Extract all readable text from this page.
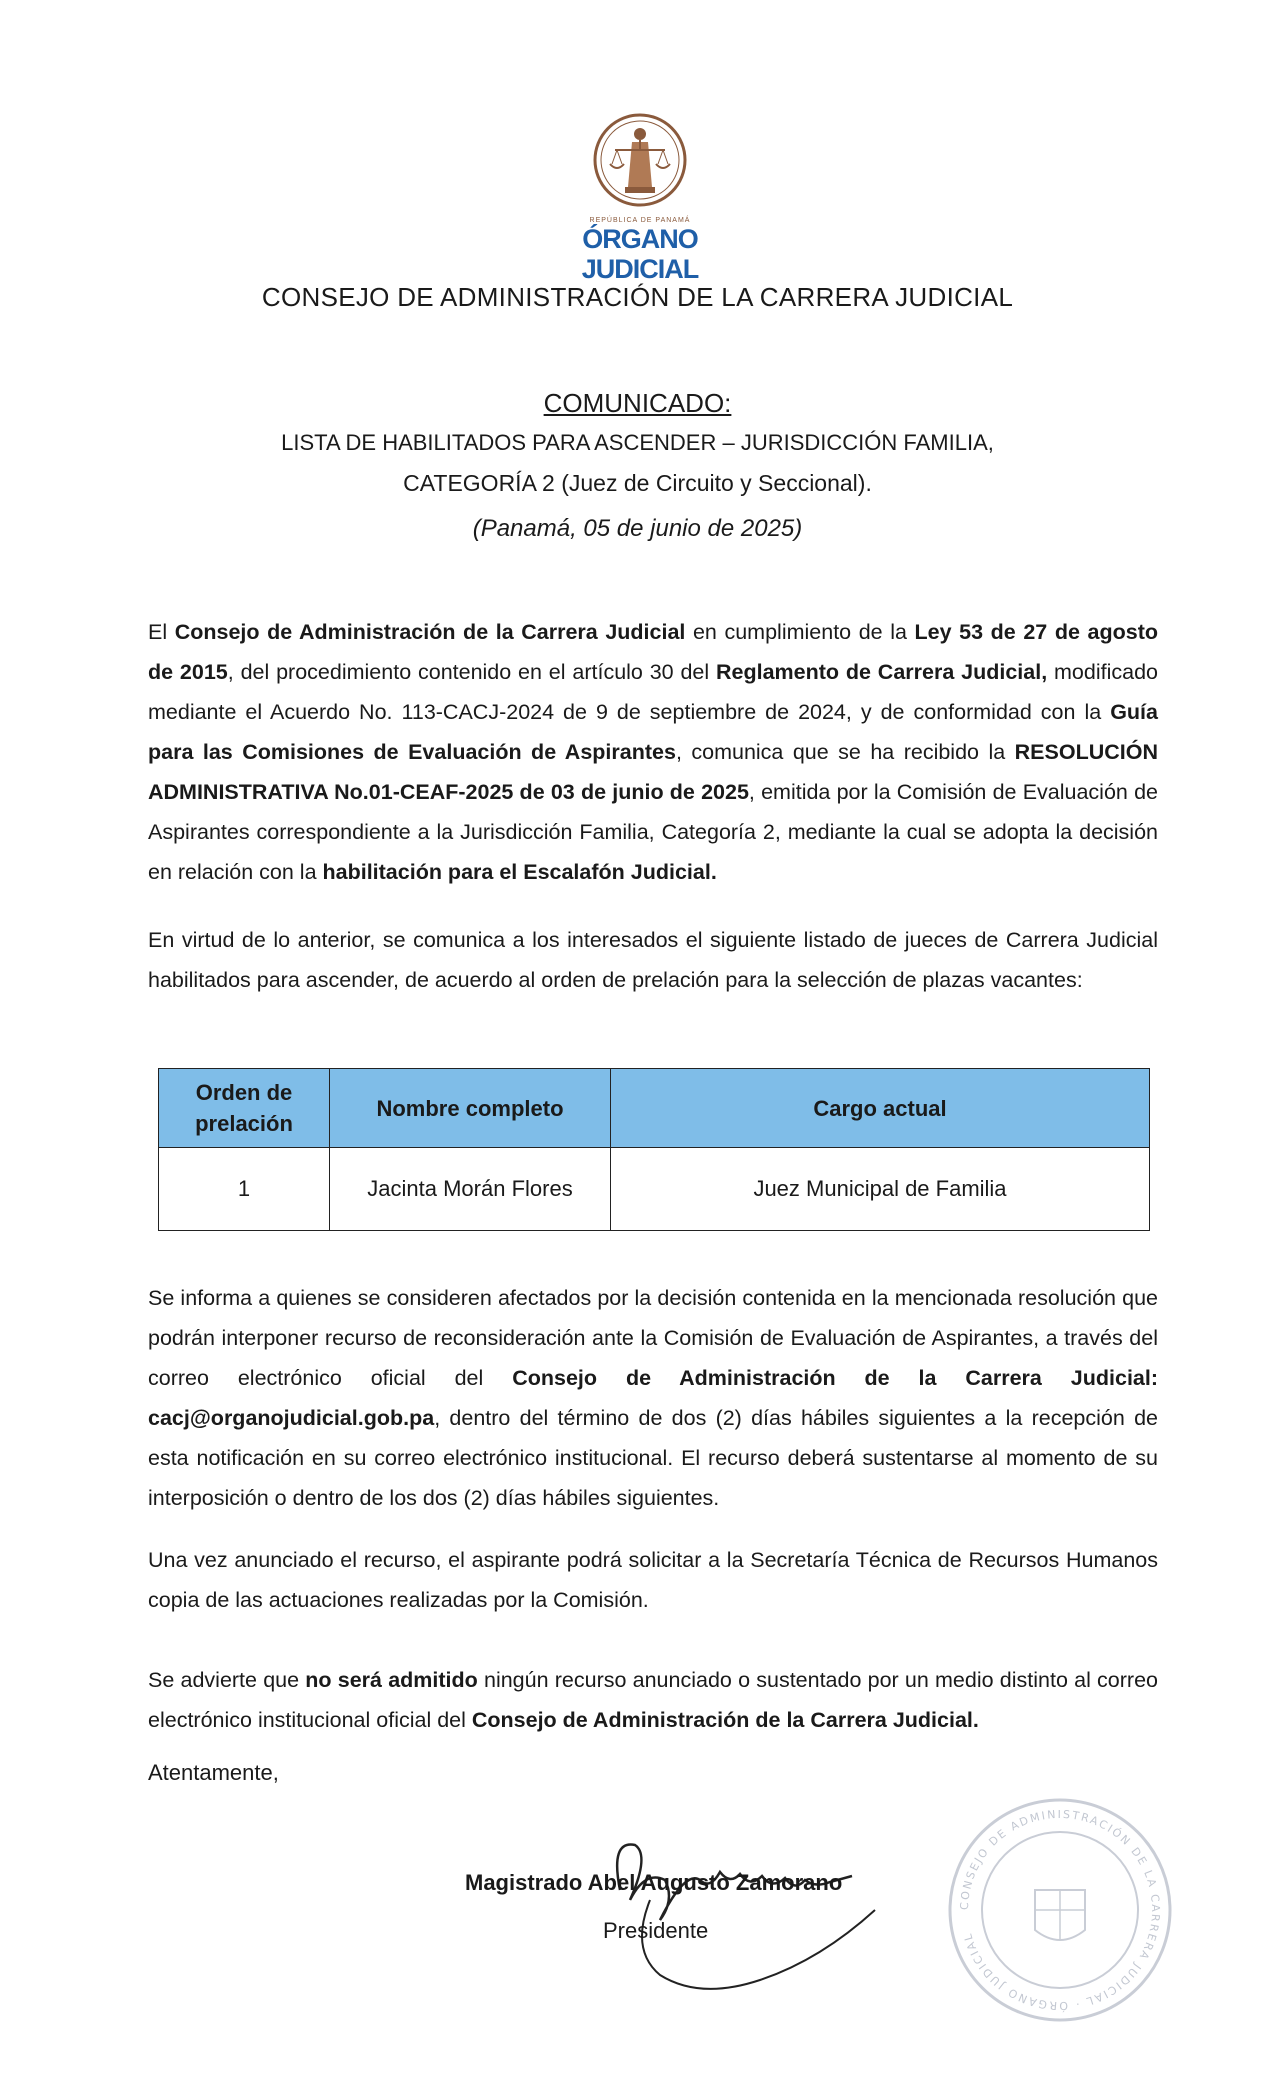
REPÚBLICA DE PANAMÁ
ÓRGANO
JUDICIAL
CONSEJO DE ADMINISTRACIÓN DE LA CARRERA JUDICIAL
COMUNICADO:
LISTA DE HABILITADOS PARA ASCENDER – JURISDICCIÓN FAMILIA,
CATEGORÍA 2 (Juez de Circuito y Seccional).
(Panamá, 05 de junio de 2025)
El Consejo de Administración de la Carrera Judicial en cumplimiento de la Ley 53 de 27 de agosto de 2015, del procedimiento contenido en el artículo 30 del Reglamento de Carrera Judicial, modificado mediante el Acuerdo No. 113-CACJ-2024 de 9 de septiembre de 2024, y de conformidad con la Guía para las Comisiones de Evaluación de Aspirantes, comunica que se ha recibido la RESOLUCIÓN ADMINISTRATIVA No.01-CEAF-2025 de 03 de junio de 2025, emitida por la Comisión de Evaluación de Aspirantes correspondiente a la Jurisdicción Familia, Categoría 2, mediante la cual se adopta la decisión en relación con la habilitación para el Escalafón Judicial.
En virtud de lo anterior, se comunica a los interesados el siguiente listado de jueces de Carrera Judicial habilitados para ascender, de acuerdo al orden de prelación para la selección de plazas vacantes:
Orden de
prelación	Nombre completo	Cargo actual
1	Jacinta Morán Flores	Juez Municipal de Familia
Se informa a quienes se consideren afectados por la decisión contenida en la mencionada resolución que podrán interponer recurso de reconsideración ante la Comisión de Evaluación de Aspirantes, a través del correo electrónico oficial del Consejo de Administración de la Carrera Judicial: cacj@organojudicial.gob.pa, dentro del término de dos (2) días hábiles siguientes a la recepción de esta notificación en su correo electrónico institucional. El recurso deberá sustentarse al momento de su interposición o dentro de los dos (2) días hábiles siguientes.
Una vez anunciado el recurso, el aspirante podrá solicitar a la Secretaría Técnica de Recursos Humanos copia de las actuaciones realizadas por la Comisión.
Se advierte que no será admitido ningún recurso anunciado o sustentado por un medio distinto al correo electrónico institucional oficial del Consejo de Administración de la Carrera Judicial.
Atentamente,
Magistrado Abel Augusto Zamorano
Presidente
CONSEJO DE ADMINISTRACIÓN DE LA CARRERA JUDICIAL · ÓRGANO JUDICIAL
